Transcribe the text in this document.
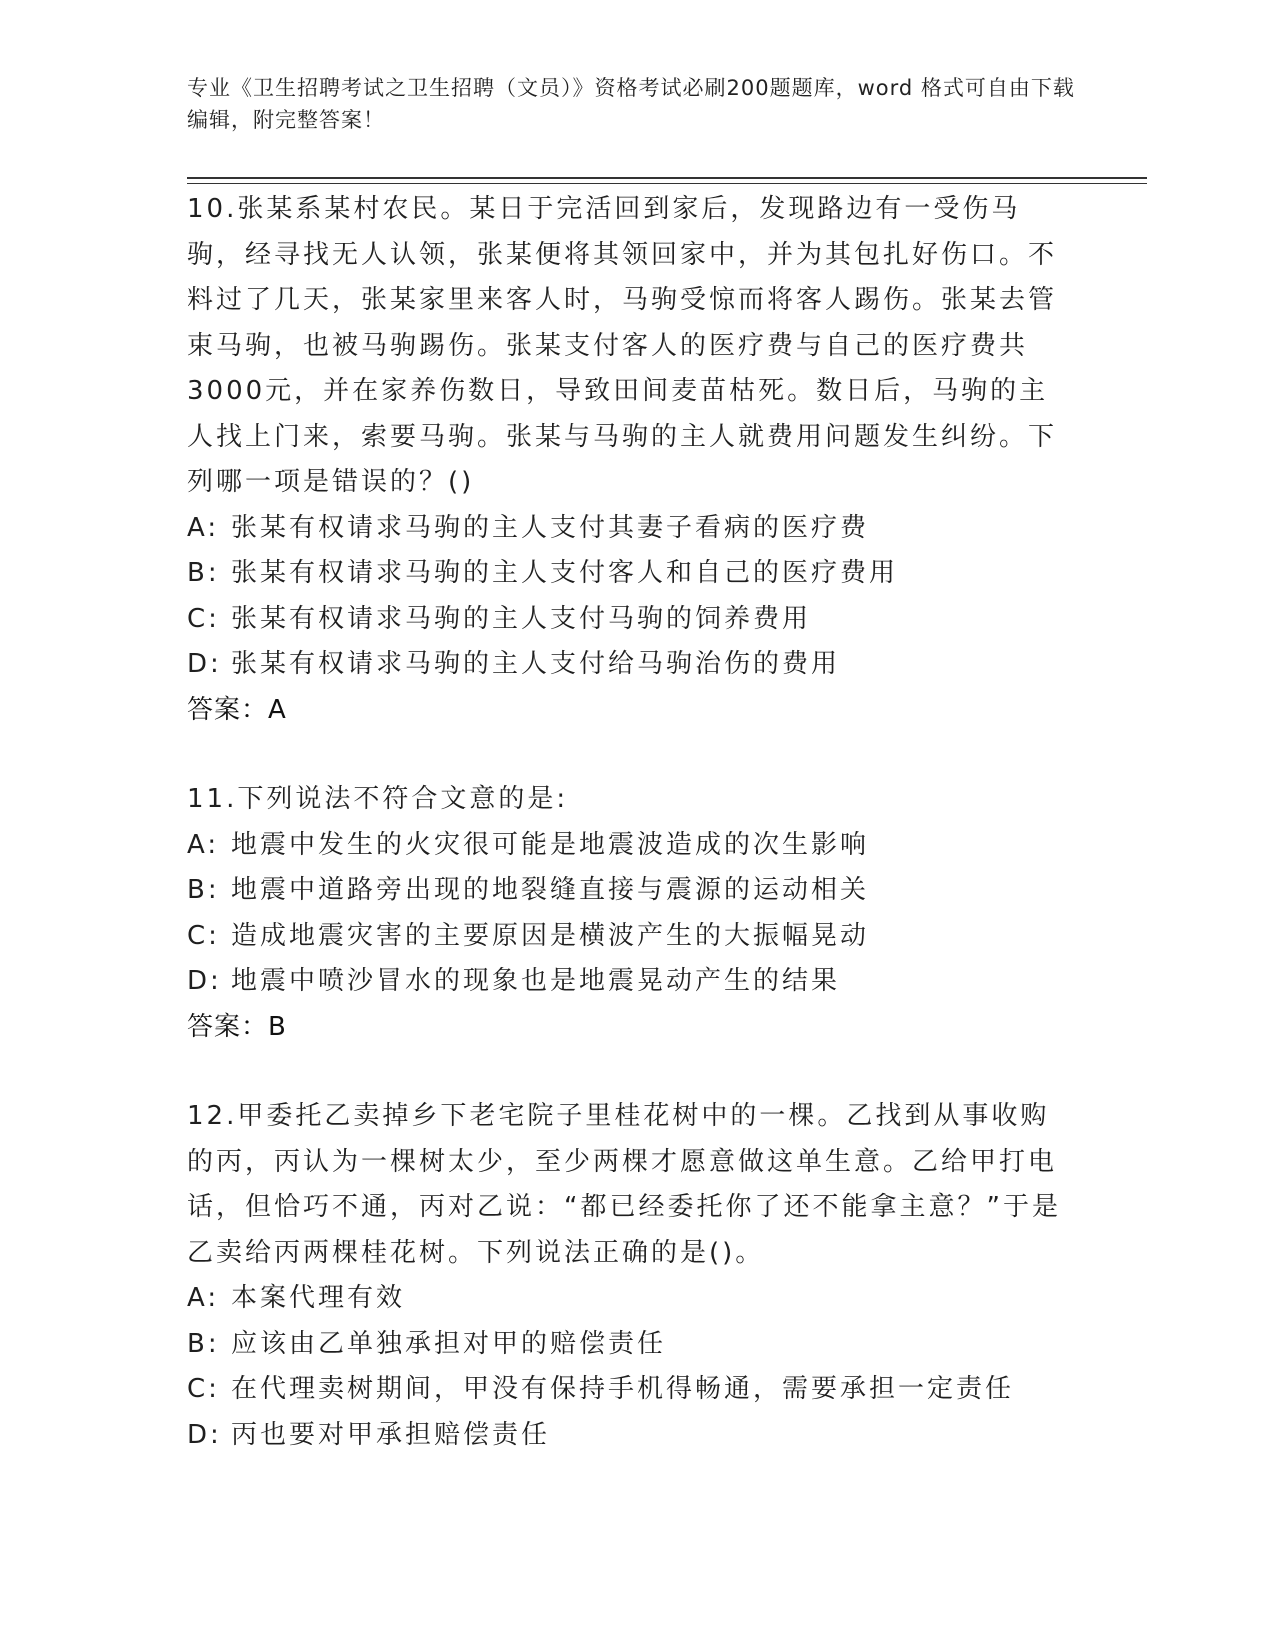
专业《卫生招聘考试之卫生招聘（文员）》资格考试必刷200题题库，word 格式可自由下载编辑，附完整答案！
10.张某系某村农民。某日于完活回到家后，发现路边有一受伤马驹，经寻找无人认领，张某便将其领回家中，并为其包扎好伤口。不料过了几天，张某家里来客人时，马驹受惊而将客人踢伤。张某去管束马驹，也被马驹踢伤。张某支付客人的医疗费与自己的医疗费共3000元，并在家养伤数日，导致田间麦苗枯死。数日后，马驹的主人找上门来，索要马驹。张某与马驹的主人就费用问题发生纠纷。下列哪一项是错误的？()
A: 张某有权请求马驹的主人支付其妻子看病的医疗费
B: 张某有权请求马驹的主人支付客人和自己的医疗费用
C: 张某有权请求马驹的主人支付马驹的饲养费用
D: 张某有权请求马驹的主人支付给马驹治伤的费用
答案：A
11.下列说法不符合文意的是:
A: 地震中发生的火灾很可能是地震波造成的次生影响
B: 地震中道路旁出现的地裂缝直接与震源的运动相关
C: 造成地震灾害的主要原因是横波产生的大振幅晃动
D: 地震中喷沙冒水的现象也是地震晃动产生的结果
答案：B
12.甲委托乙卖掉乡下老宅院子里桂花树中的一棵。乙找到从事收购的丙，丙认为一棵树太少，至少两棵才愿意做这单生意。乙给甲打电话，但恰巧不通，丙对乙说：“都已经委托你了还不能拿主意？”于是乙卖给丙两棵桂花树。下列说法正确的是()。
A: 本案代理有效
B: 应该由乙单独承担对甲的赔偿责任
C: 在代理卖树期间，甲没有保持手机得畅通，需要承担一定责任
D: 丙也要对甲承担赔偿责任
